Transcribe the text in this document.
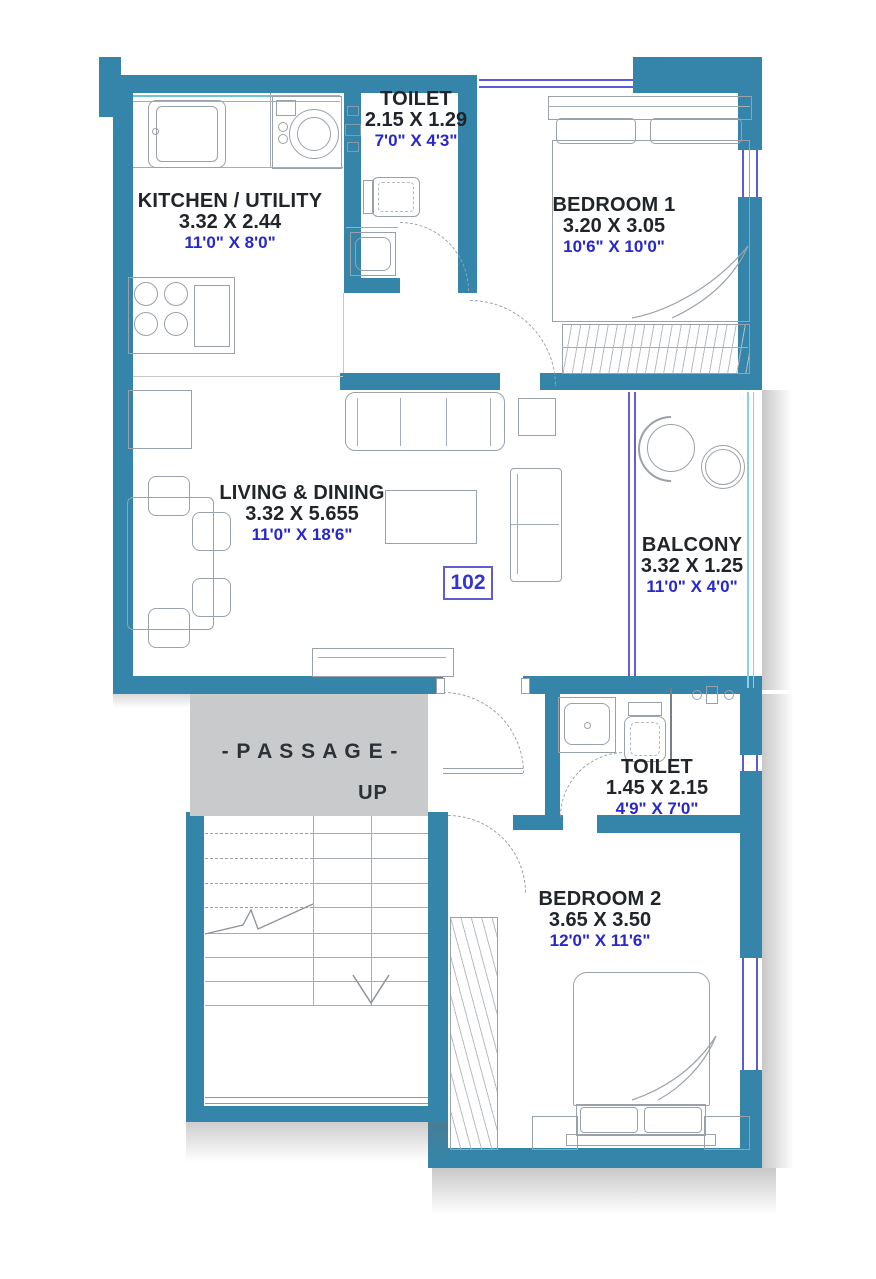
- P A S S A G E -
UP
TOILET
2.15 X 1.29
7'0" X 4'3"
KITCHEN / UTILITY
3.32 X 2.44
11'0" X 8'0"
BEDROOM 1
3.20 X 3.05
10'6" X 10'0"
LIVING & DINING
3.32 X 5.655
11'0" X 18'6"	BALCONY
3.32 X 1.25
11'0" X 4'0"
TOILET
1.45 X 2.15
4'9" X 7'0"
BEDROOM 2
3.65 X 3.50
12'0" X 11'6"
102
